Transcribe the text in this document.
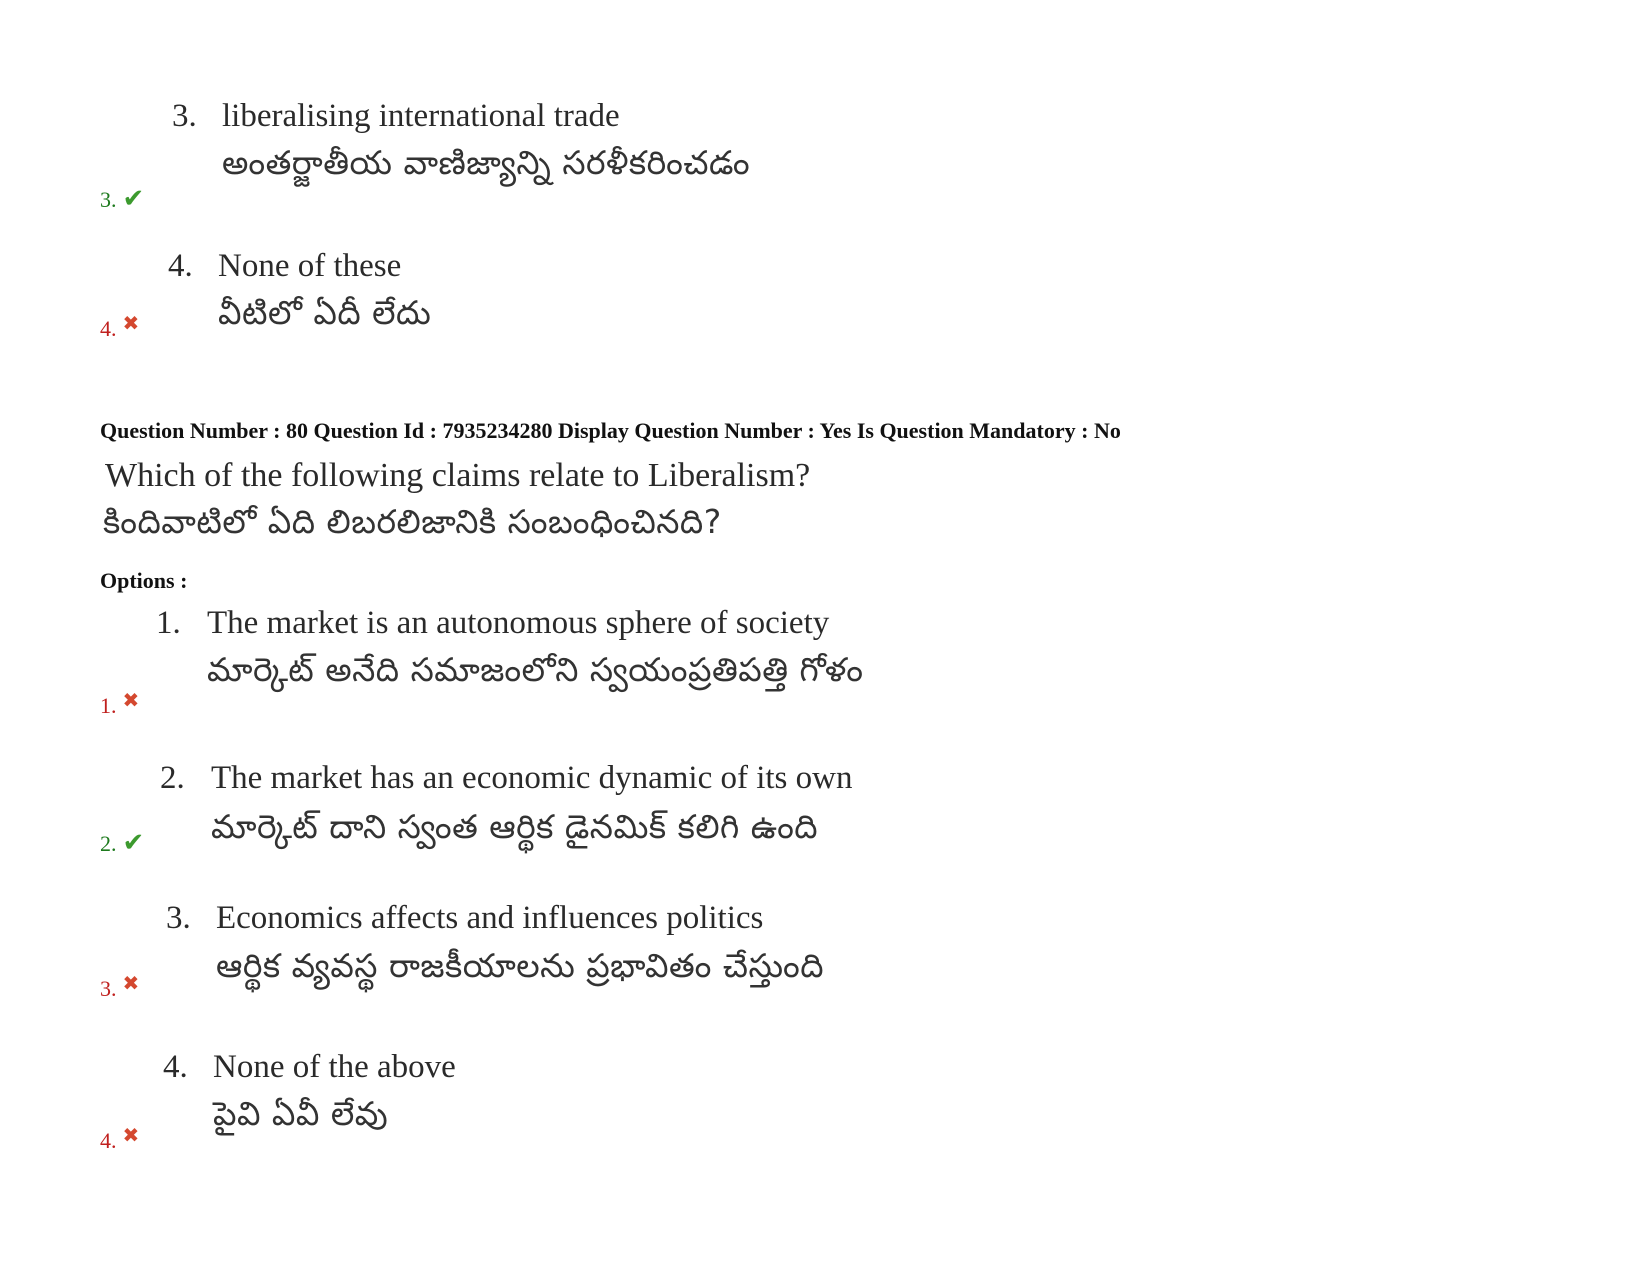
3. liberalising international trade
అంతర్జాతీయ వాణిజ్యాన్ని సరళీకరించడం
3. ✔
4. None of these
వీటిలో ఏదీ లేదు
4. ✖
Question Number : 80 Question Id : 7935234280 Display Question Number : Yes Is Question Mandatory : No
Which of the following claims relate to Liberalism?
కిందివాటిలో ఏది లిబరలిజానికి సంబంధించినది?
Options :
1. The market is an autonomous sphere of society
మార్కెట్ అనేది సమాజంలోని స్వయంప్రతిపత్తి గోళం
1. ✖
2. The market has an economic dynamic of its own
మార్కెట్ దాని స్వంత ఆర్థిక డైనమిక్ కలిగి ఉంది
2. ✔
3. Economics affects and influences politics
ఆర్థిక వ్యవస్థ రాజకీయాలను ప్రభావితం చేస్తుంది
3. ✖
4. None of the above
పైవి ఏవీ లేవు
4. ✖
